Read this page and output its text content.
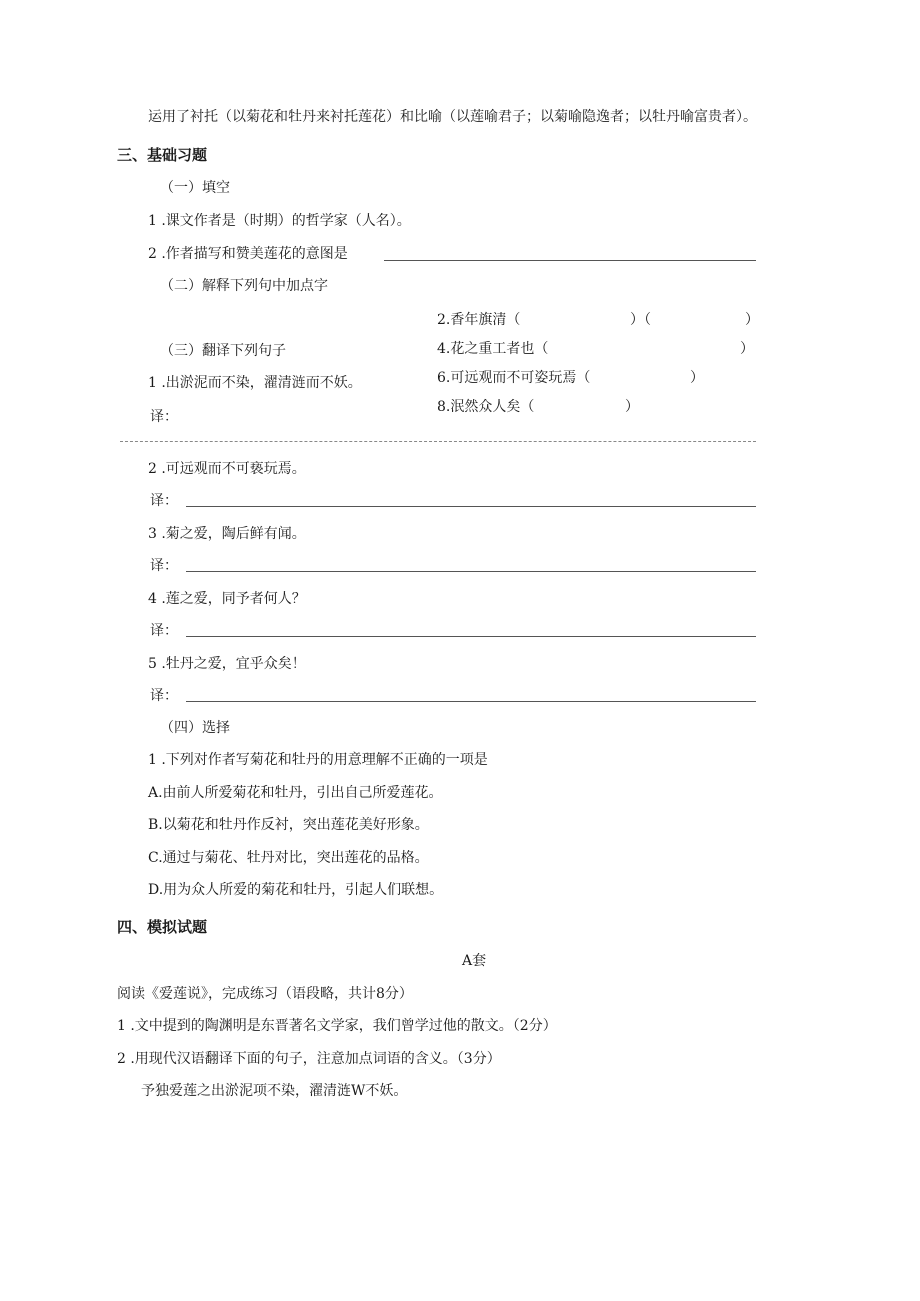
运用了衬托（以菊花和牡丹来衬托莲花）和比喻（以莲喻君子；以菊喻隐逸者；以牡丹喻富贵者）。
三、基础习题
（一）填空
1 .课文作者是（时期）的哲学家（人名）。
2 .作者描写和赞美莲花的意图是
（二）解释下列句中加点字
2.香年旗清（	）（	）
4.花之重工者也（	）
6.可远观而不可姿玩焉（	）
8.泯然众人矣（	）
（三）翻译下列句子
1 .出淤泥而不染，濯清涟而不妖。
译：
2 .可远观而不可亵玩焉。
译：
3 .菊之爱，陶后鲜有闻。
译：
4 .莲之爱，同予者何人？
译：
5 .牡丹之爱，宜乎众矣！
译：
（四）选择
1 .下列对作者写菊花和牡丹的用意理解不正确的一项是
A.由前人所爱菊花和牡丹，引出自己所爱莲花。
B.以菊花和牡丹作反衬，突出莲花美好形象。
C.通过与菊花、牡丹对比，突出莲花的品格。
D.用为众人所爱的菊花和牡丹，引起人们联想。
四、模拟试题
A套
阅读《爱莲说》，完成练习（语段略，共计8分）
1 .文中提到的陶渊明是东晋著名文学家，我们曾学过他的散文。（2分）
2 .用现代汉语翻译下面的句子，注意加点词语的含义。（3分）
予独爱莲之出淤泥项不染，濯清涟W不妖。
